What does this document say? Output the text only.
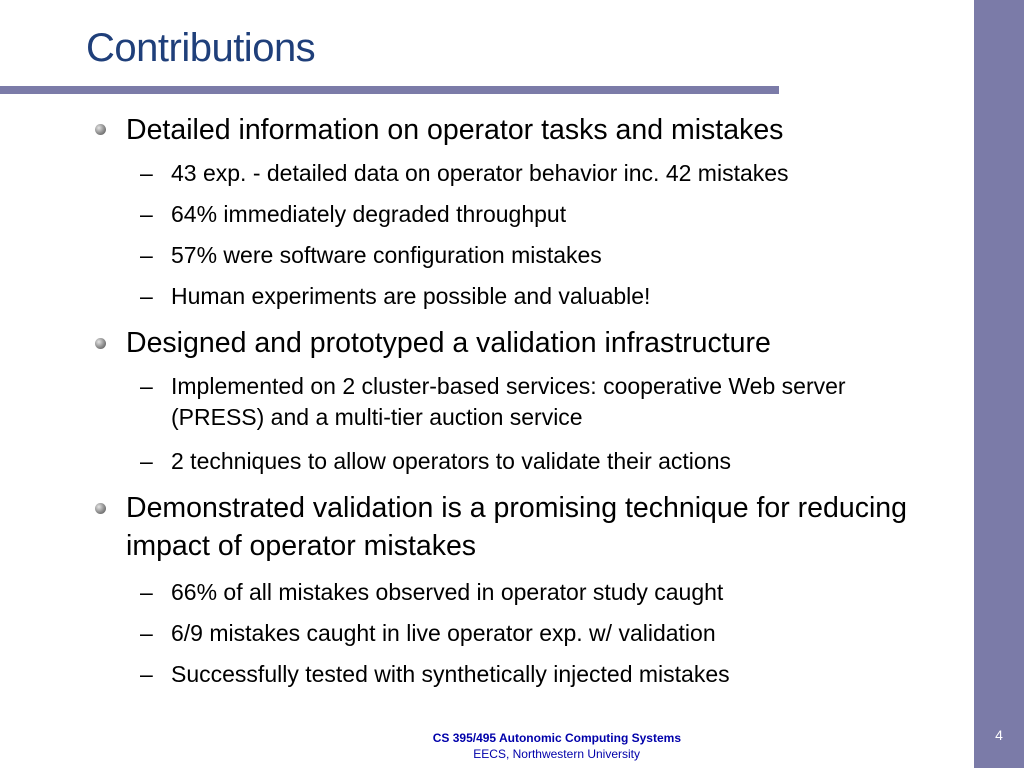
Contributions
Detailed information on operator tasks and mistakes
– 43 exp. - detailed data on operator behavior inc. 42 mistakes
– 64% immediately degraded throughput
– 57% were software configuration mistakes
– Human experiments are possible and valuable!
Designed and prototyped a validation infrastructure
– Implemented on 2 cluster-based services: cooperative Web server (PRESS) and a multi-tier auction service
– 2 techniques to allow operators to validate their actions
Demonstrated validation is a promising technique for reducing impact of operator mistakes
– 66% of all mistakes observed in operator study caught
– 6/9 mistakes caught in live operator exp. w/ validation
– Successfully tested with synthetically injected mistakes
CS 395/495 Autonomic Computing Systems
EECS, Northwestern University
4
